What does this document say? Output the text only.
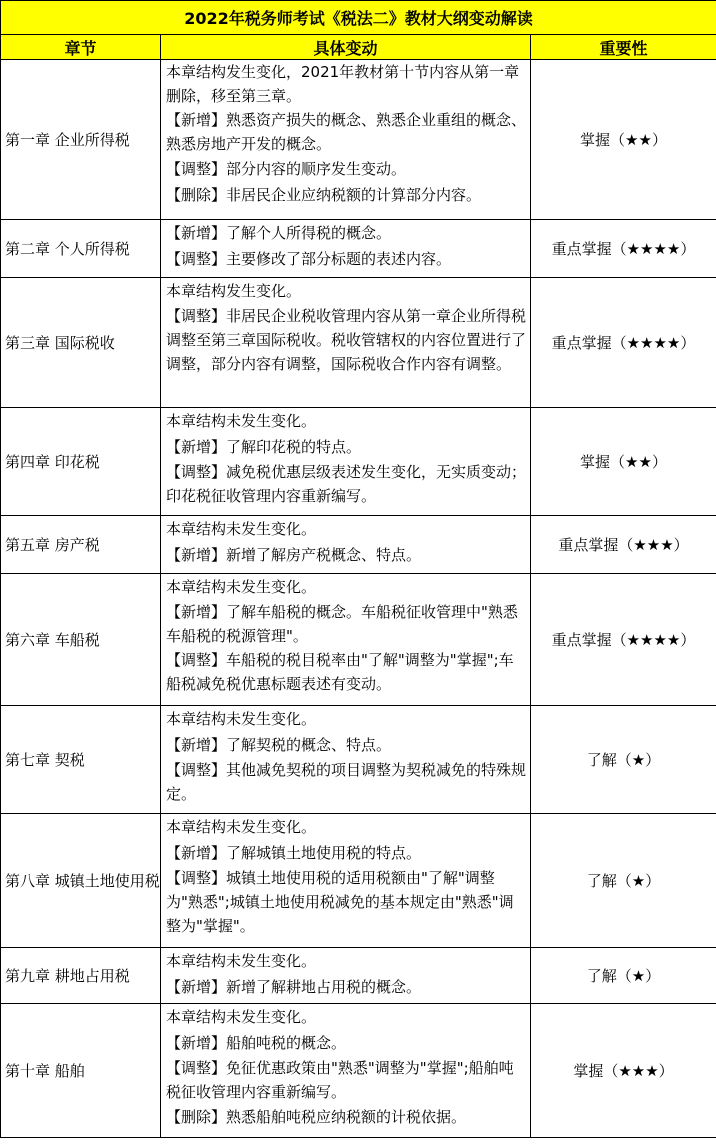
2022年税务师考试《税法二》教材大纲变动解读		
章节	具体变动	重要性
第一章 企业所得税	本章结构发生变化，2021年教材第十节内容从第一章删除，移至第三章。
【新增】熟悉资产损失的概念、熟悉企业重组的概念、熟悉房地产开发的概念。
【调整】部分内容的顺序发生变动。
【删除】非居民企业应纳税额的计算部分内容。	掌握（★★）
第二章 个人所得税	【新增】了解个人所得税的概念。
【调整】主要修改了部分标题的表述内容。	重点掌握（★★★★）
第三章 国际税收	本章结构发生变化。
【调整】非居民企业税收管理内容从第一章企业所得税调整至第三章国际税收。税收管辖权的内容位置进行了调整，部分内容有调整，国际税收合作内容有调整。	重点掌握（★★★★）
第四章 印花税	本章结构未发生变化。
【新增】了解印花税的特点。
【调整】减免税优惠层级表述发生变化，无实质变动；印花税征收管理内容重新编写。	掌握（★★）
第五章 房产税	本章结构未发生变化。
【新增】新增了解房产税概念、特点。	重点掌握（★★★）
第六章 车船税	本章结构未发生变化。
【新增】了解车船税的概念。车船税征收管理中"熟悉车船税的税源管理"。
【调整】车船税的税目税率由"了解"调整为"掌握";车船税减免税优惠标题表述有变动。	重点掌握（★★★★）
第七章 契税	本章结构未发生变化。
【新增】了解契税的概念、特点。
【调整】其他减免契税的项目调整为契税减免的特殊规定。	了解（★）
第八章 城镇土地使用税	本章结构未发生变化。
【新增】了解城镇土地使用税的特点。
【调整】城镇土地使用税的适用税额由"了解"调整为"熟悉";城镇土地使用税减免的基本规定由"熟悉"调整为"掌握"。	了解（★）
第九章 耕地占用税	本章结构未发生变化。
【新增】新增了解耕地占用税的概念。	了解（★）
第十章 船舶	本章结构未发生变化。
【新增】船舶吨税的概念。
【调整】免征优惠政策由"熟悉"调整为"掌握";船舶吨税征收管理内容重新编写。
【删除】熟悉船舶吨税应纳税额的计税依据。	掌握（★★★）
